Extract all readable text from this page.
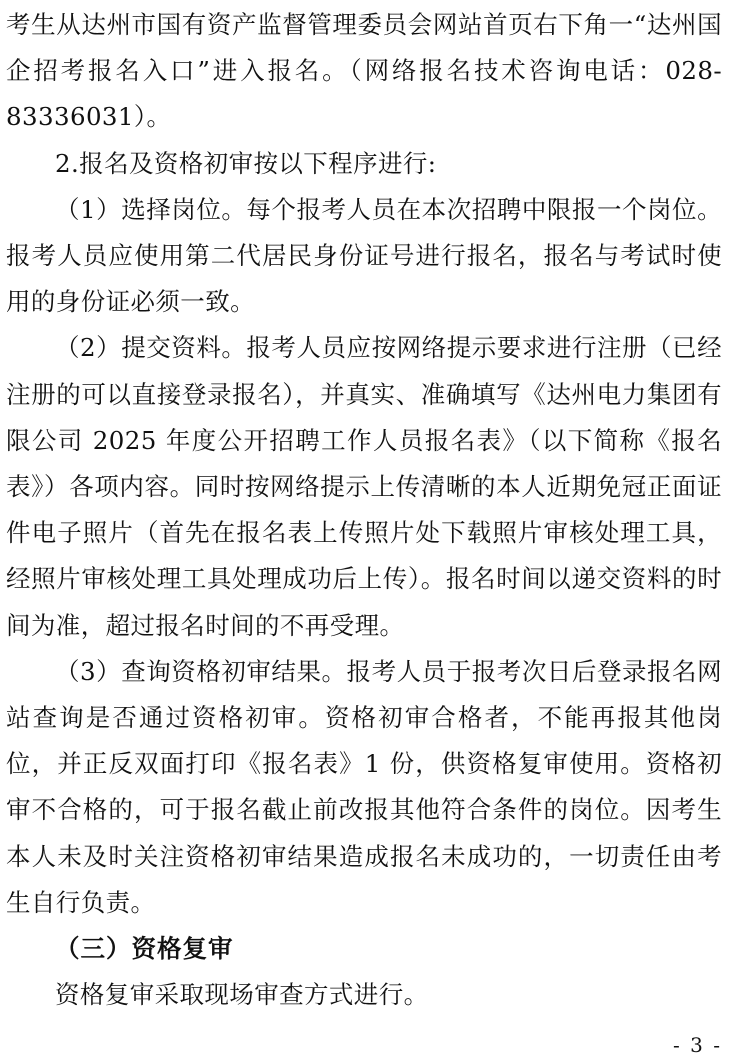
考生从达州市国有资产监督管理委员会网站首页右下角一“达州国企招考报名入口”进入报名。（网络报名技术咨询电话：028-83336031）。

2.报名及资格初审按以下程序进行:

（1）选择岗位。每个报考人员在本次招聘中限报一个岗位。报考人员应使用第二代居民身份证号进行报名，报名与考试时使用的身份证必须一致。

（2）提交资料。报考人员应按网络提示要求进行注册（已经注册的可以直接登录报名），并真实、准确填写《达州电力集团有限公司 2025 年度公开招聘工作人员报名表》（以下简称《报名表》）各项内容。同时按网络提示上传清晰的本人近期免冠正面证件电子照片（首先在报名表上传照片处下载照片审核处理工具，经照片审核处理工具处理成功后上传）。报名时间以递交资料的时间为准，超过报名时间的不再受理。

（3）查询资格初审结果。报考人员于报考次日后登录报名网站查询是否通过资格初审。资格初审合格者，不能再报其他岗位，并正反双面打印《报名表》1 份，供资格复审使用。资格初审不合格的，可于报名截止前改报其他符合条件的岗位。因考生本人未及时关注资格初审结果造成报名未成功的，一切责任由考生自行负责。

（三）资格复审

资格复审采取现场审查方式进行。

- 3 -
